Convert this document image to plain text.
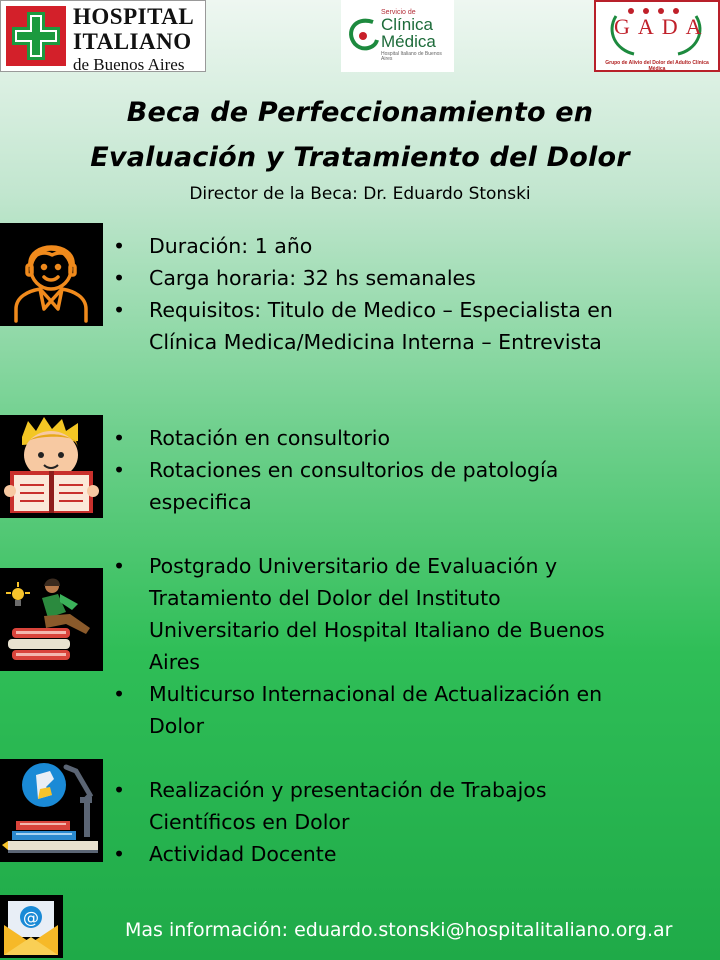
HOSPITAL
ITALIANO
de Buenos Aires
Servicio de
Clínica
Médica
Hospital Italiano de Buenos Aires
GADA
Grupo de Alivio del Dolor del Adulto Clínica Médica
Beca de Perfeccionamiento en
Evaluación y Tratamiento del Dolor
Director de la Beca: Dr. Eduardo Stonski
• Duración: 1 año
• Carga horaria: 32 hs semanales
• Requisitos: Titulo de Medico – Especialista en Clínica Medica/Medicina Interna – Entrevista
• Rotación en consultorio
• Rotaciones en consultorios de patología especifica
• Postgrado Universitario de Evaluación y Tratamiento del Dolor del Instituto Universitario del Hospital Italiano de Buenos Aires
• Multicurso Internacional de Actualización en Dolor
• Realización y presentación de Trabajos Científicos en Dolor
• Actividad Docente
@
Mas información: eduardo.stonski@hospitalitaliano.org.ar
